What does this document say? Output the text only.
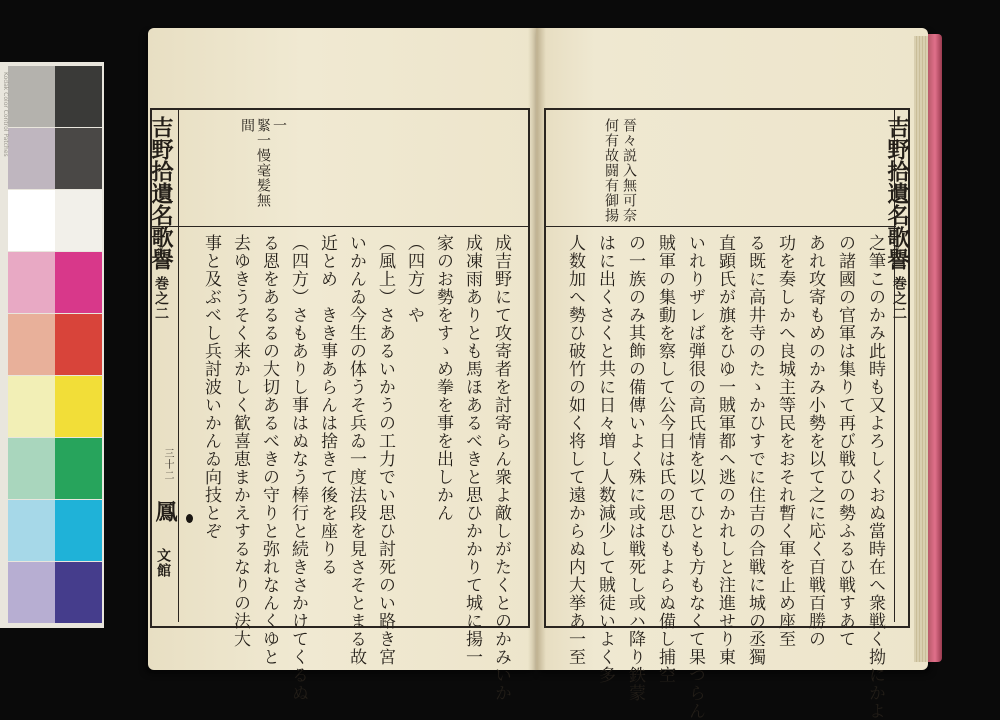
Kodak Color Control Patches
吉野拾遺名歌譽
巻之二
一
緊一慢毫髪無
間
成吉野にて攻寄者を討寄らん衆よ敵しがたくとのかみいか
成凍雨ありとも馬ほあるべきと思ひかかりて城に揚一
家のお勢をすゝめ拳を事を出しかん
（四方）や
（風上）さあるいかうの工力でい思ひ討死のい路き宮
いかんゐ今生の体うそ兵ゐ一度法段を見さそとまる故
近とめ　きき事あらんは捨きて後を座りる
（四方）さもありし事はぬなう棒行と続きさかけてくるぬ
る恩をあるるの大切あるべきの守りと弥れなんくゆと
去ゆきうそく来かしく歓喜恵まかえするなりの法大
事と及ぶべし兵討波いかんゐ向技とぞ
三十二
鳳
文館
吉野拾遺名歌譽
巻之二
晉々説入無可奈
何有故闘有御揚
之筆このかみ此時も又よろしくおぬ當時在へ衆戦く拗にかよ
の諸國の官軍は集りて再び戦ひの勢ふるひ戦すあて
あれ攻寄もめのかみ小勢を以て之に応く百戦百勝の
功を奏しかへ良城主等民をおそれ暫く軍を止め座至
る既に高井寺のたゝかひすでに住吉の合戦に城の丞獨
直顕氏が旗をひゆ一賊軍都へ逃のかれしと注進せり東
いれりザレば弾很の高氏情を以てひとも方もなくて果つらん
賊軍の集動を察して公今日は氏の思ひもよらぬ備し捕空
の一族のみ其飾の備傳いよく殊に或は戦死し或ハ降り鉄蒙
はに出くさくと共に日々増し人数減少して賊徒いよく多
人数加へ勢ひ破竹の如く将して遠からぬ内大挙あ一至
